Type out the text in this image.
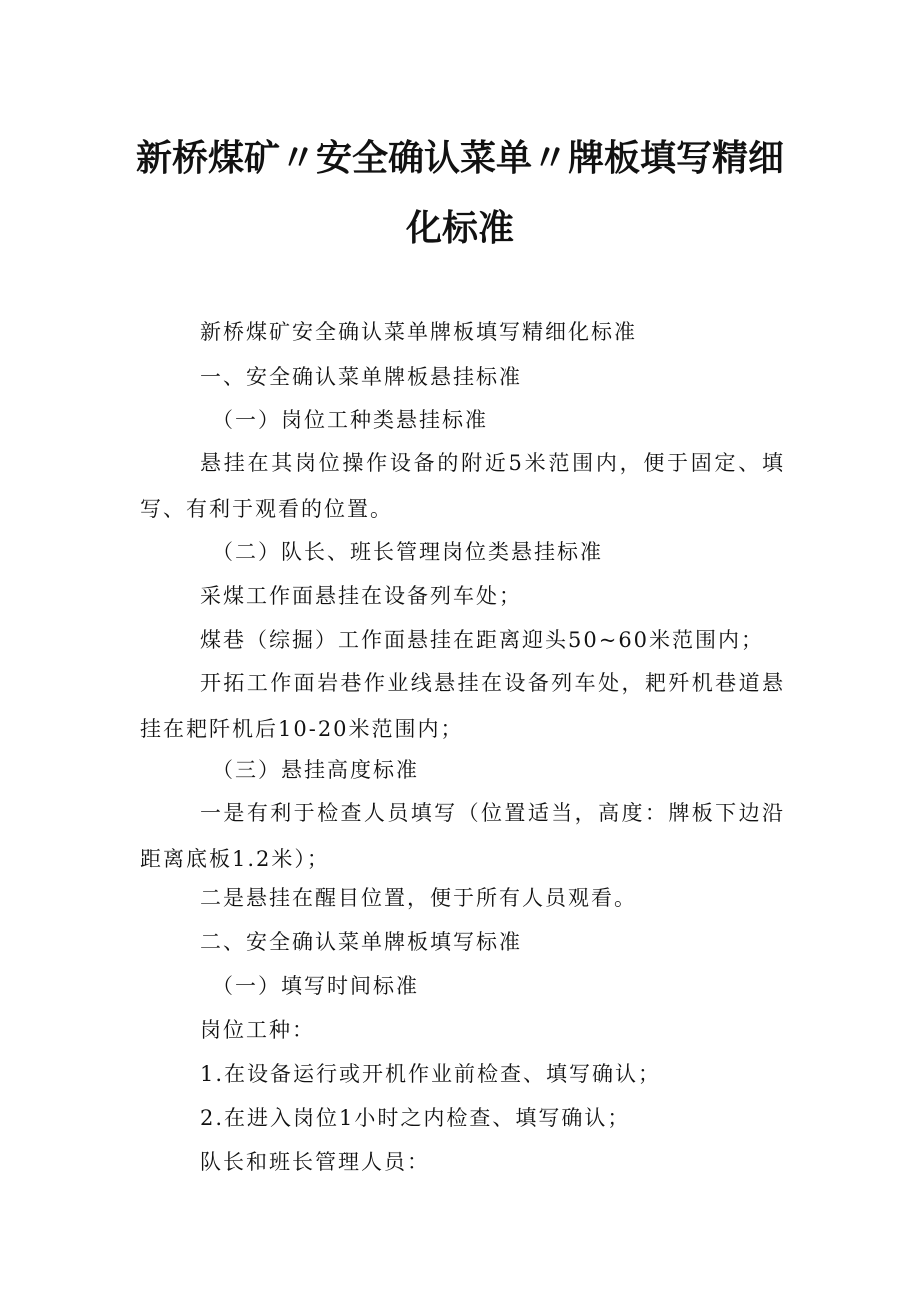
新桥煤矿〃安全确认菜单〃牌板填写精细
化标准
新桥煤矿安全确认菜单牌板填写精细化标准
一、安全确认菜单牌板悬挂标准
（一）岗位工种类悬挂标准
悬挂在其岗位操作设备的附近5米范围内，便于固定、填写、有利于观看的位置。
（二）队长、班长管理岗位类悬挂标准
采煤工作面悬挂在设备列车处；
煤巷（综掘）工作面悬挂在距离迎头50~60米范围内；
开拓工作面岩巷作业线悬挂在设备列车处，耙歼机巷道悬挂在耙阡机后10-20米范围内；
（三）悬挂高度标准
一是有利于检查人员填写（位置适当，高度：牌板下边沿距离底板1.2米）；
二是悬挂在醒目位置，便于所有人员观看。
二、安全确认菜单牌板填写标准
（一）填写时间标准
岗位工种：
1.在设备运行或开机作业前检查、填写确认；
2.在进入岗位1小时之内检查、填写确认；
队长和班长管理人员：
